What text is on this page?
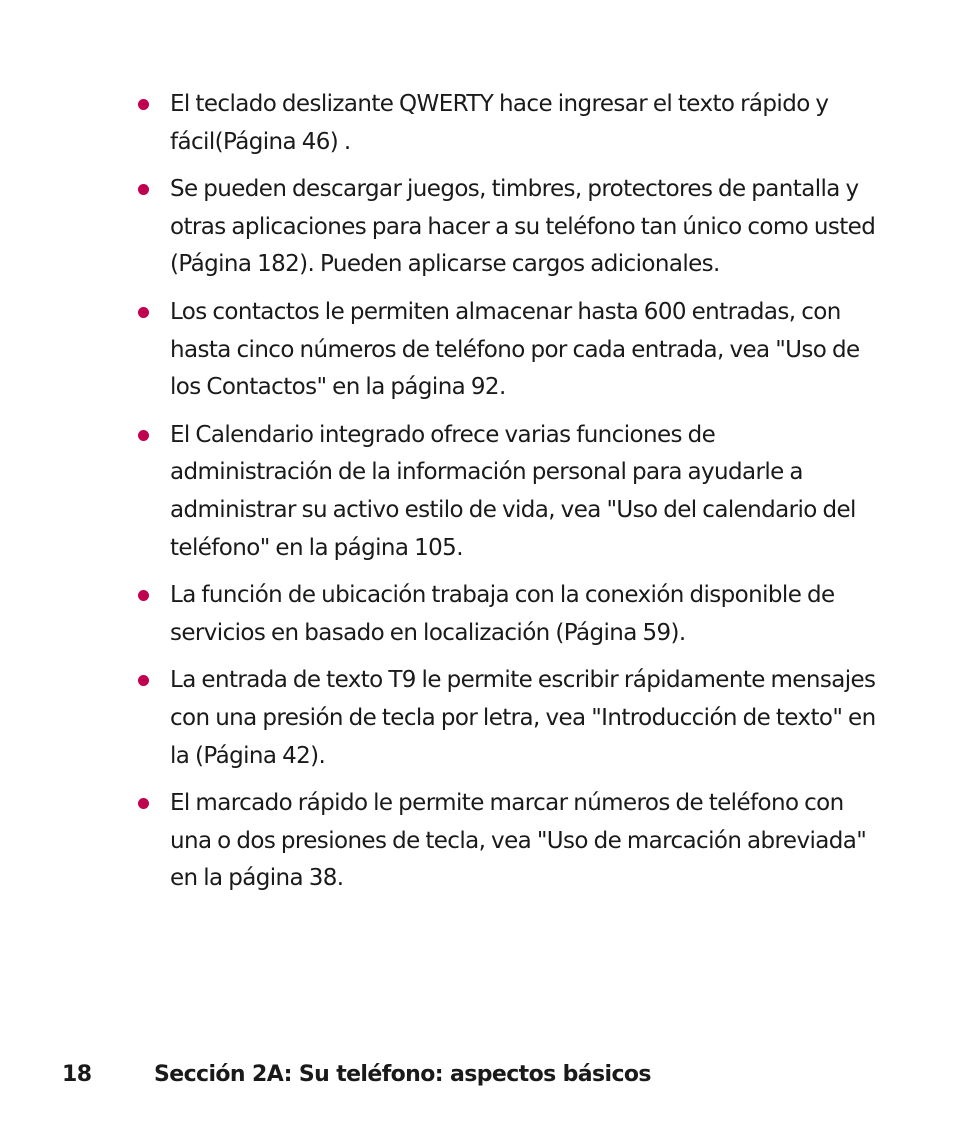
El teclado deslizante QWERTY hace ingresar el texto rápido y fácil(Página 46) .
Se pueden descargar juegos, timbres, protectores de pantalla y otras aplicaciones para hacer a su teléfono tan único como usted (Página 182). Pueden aplicarse cargos adicionales.
Los contactos le permiten almacenar hasta 600 entradas, con hasta cinco números de teléfono por cada entrada, vea "Uso de los Contactos" en la página 92.
El Calendario integrado ofrece varias funciones de administración de la información personal para ayudarle a administrar su activo estilo de vida, vea "Uso del calendario del teléfono" en la página 105.
La función de ubicación trabaja con la conexión disponible de servicios en basado en localización (Página 59).
La entrada de texto T9 le permite escribir rápidamente mensajes con una presión de tecla por letra, vea "Introducción de texto" en la (Página 42).
El marcado rápido le permite marcar números de teléfono con una o dos presiones de tecla, vea "Uso de marcación abreviada" en la página 38.
18	Sección 2A: Su teléfono: aspectos básicos
